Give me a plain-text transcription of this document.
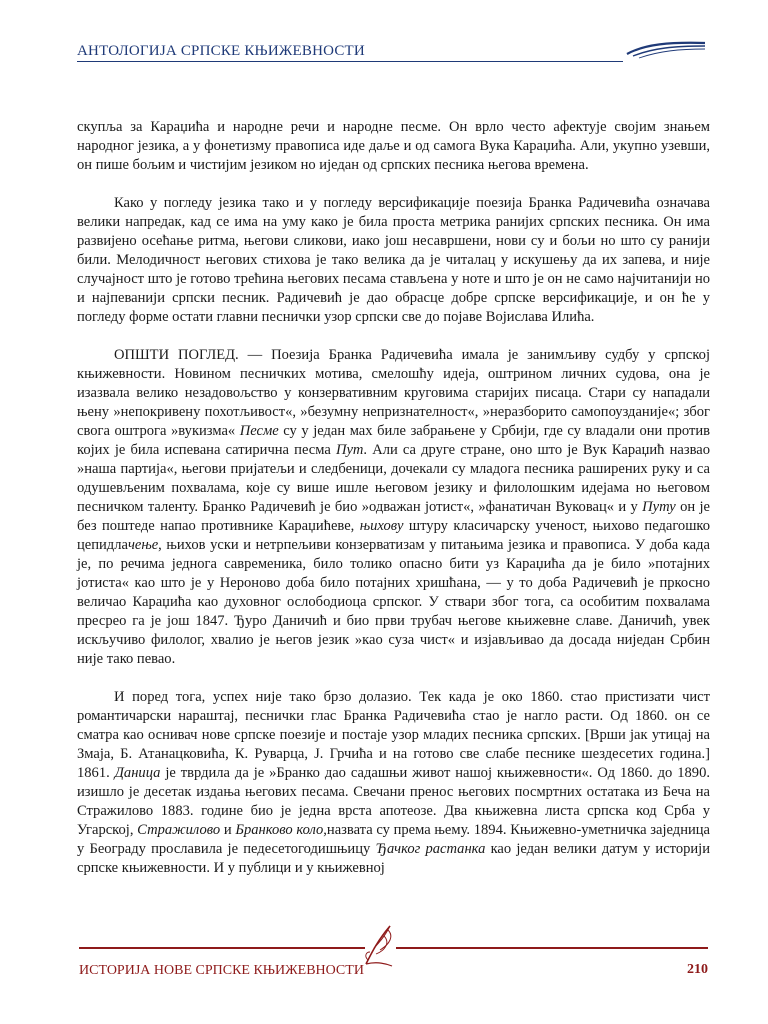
АНТОЛОГИЈА СРПСКЕ КЊИЖЕВНОСТИ

скупља за Караџића и народне речи и народне песме. Он врло често афектује својим знањем народног језика, а у фонетизму правописа иде даље и од самога Вука Караџића. Али, укупно узевши, он пише бољим и чистијим језиком но иједан од српских песника његова времена.

Како у погледу језика тако и у погледу версификације поезија Бранка Радичевића означава велики напредак, кад се има на уму како је била проста метрика ранијих српских песника. Он има развијено осећање ритма, његови сликови, иако још несавршени, нови су и бољи но што су ранији били. Мелодичност његових стихова је тако велика да је читалац у искушењу да их запева, и није случајност што је готово трећина његових песама стављена у ноте и што је он не само најчитанији но и најпеванији српски песник. Радичевић је дао обрасце добре српске версификације, и он ће у погледу форме остати главни песнички узор српски све до појаве Војислава Илића.

ОПШТИ ПОГЛЕД. — Поезија Бранка Радичевића имала је занимљиву судбу у српској књижевности. Новином песничких мотива, смелошћу идеја, оштрином личних судова, она је изазвала велико незадовољство у конзервативним круговима старијих писаца. Стари су нападали њену »непокривену похотљивост«, »безумну непризнателност«, »неразборито самопоузданије«; због свога оштрога »вукизма« Песме су у један мах биле забрањене у Србији, где су владали они против којих је била испевана сатирична песма Пут. Али са друге стране, оно што је Вук Караџић назвао »наша партија«, његови пријатељи и следбеници, дочекали су младога песника раширених руку и са одушевљеним похвалама, које су више ишле његовом језику и филолошким идејама но његовом песничком таленту. Бранко Радичевић је био »одважан јотист«, »фанатичан Вуковац« и у Путу он је без поштеде напао противнике Караџићеве, њихову штуру класичарску ученост, њихово педагошко цепидлачење, њихов уски и нетрпељиви конзерватизам у питањима језика и правописа. У доба када је, по речима једнога савременика, било толико опасно бити уз Караџића да је било »потајних јотиста« као што је у Нероново доба било потајних хришћана, — у то доба Радичевић је пркосно величао Караџића као духовног ослободиоца српског. У ствари због тога, са особитим похвалама пресрео га је још 1847. Ђуро Даничић и био први трубач његове књижевне славе. Даничић, увек искључиво филолог, хвалио је његов језик »као суза чист« и изјављивао да досада ниједан Србин није тако певао.

И поред тога, успех није тако брзо долазио. Тек када је око 1860. стао пристизати чист романтичарски нараштај, песнички глас Бранка Радичевића стао је нагло расти. Од 1860. он се сматра као оснивач нове српске поезије и постаје узор младих песника српских. [Врши јак утицај на Змаја, Б. Атанацковића, К. Руварца, Ј. Грчића и на готово све слабе песнике шездесетих година.] 1861. Даница је тврдила да је »Бранко дао садашњи живот нашој књижевности«. Од 1860. до 1890. изишло је десетак издања његових песама. Свечани пренос његових посмртних остатака из Беча на Стражилово 1883. године био је једна врста апотеозе. Два књижевна листа српска код Срба у Угарској, Стражилово и Бранково коло,назвата су према њему. 1894. Књижевно-уметничка заједница у Београду прославила је педесетогодишњицу Ђачког растанка као један велики датум у историји српске књижевности. И у публици и у књижевној

ИСТОРИЈА НОВЕ СРПСКЕ КЊИЖЕВНОСТИ	210
